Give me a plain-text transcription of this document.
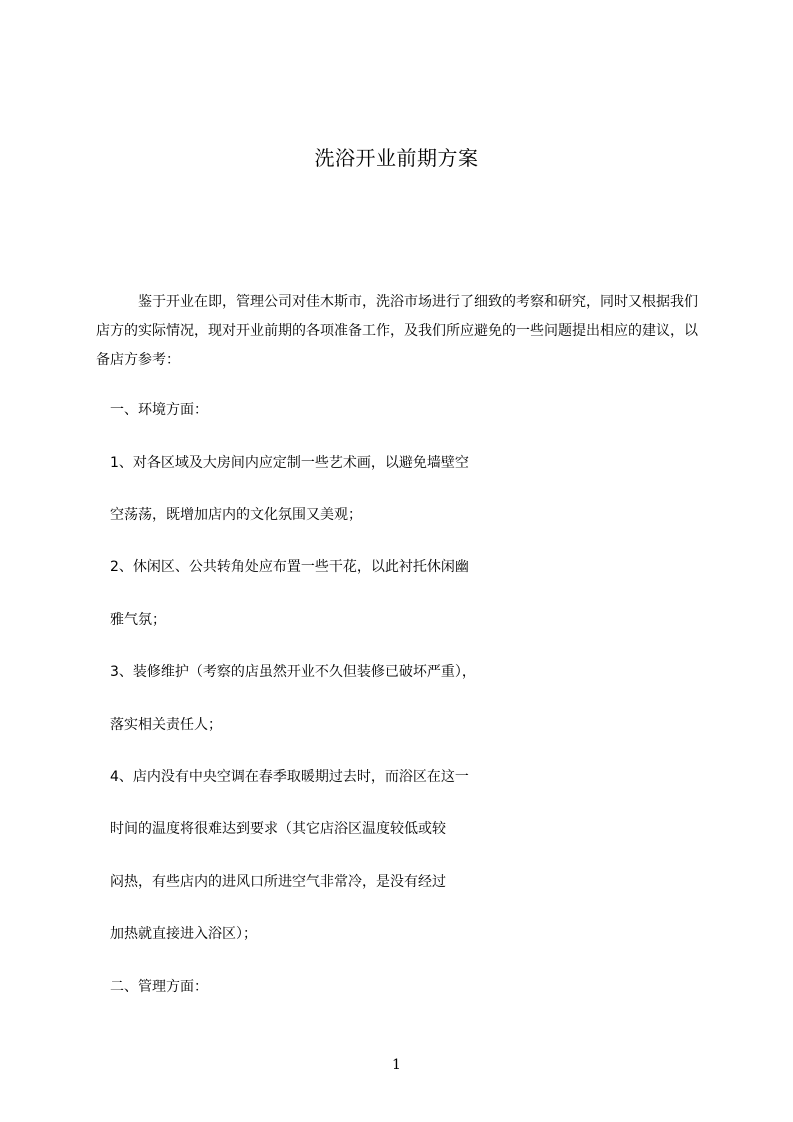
洗浴开业前期方案

鉴于开业在即，管理公司对佳木斯市，洗浴市场进行了细致的考察和研究，同时又根据我们店方的实际情况，现对开业前期的各项准备工作，及我们所应避免的一些问题提出相应的建议，以备店方参考：

一、环境方面：

1、对各区域及大房间内应定制一些艺术画，以避免墙壁空

空荡荡，既增加店内的文化氛围又美观；

2、休闲区、公共转角处应布置一些干花，以此衬托休闲幽

雅气氛；

3、装修维护（考察的店虽然开业不久但装修已破坏严重），

落实相关责任人；

4、店内没有中央空调在春季取暖期过去时，而浴区在这一

时间的温度将很难达到要求（其它店浴区温度较低或较

闷热，有些店内的进风口所进空气非常冷，是没有经过

加热就直接进入浴区）；

二、管理方面：

1
